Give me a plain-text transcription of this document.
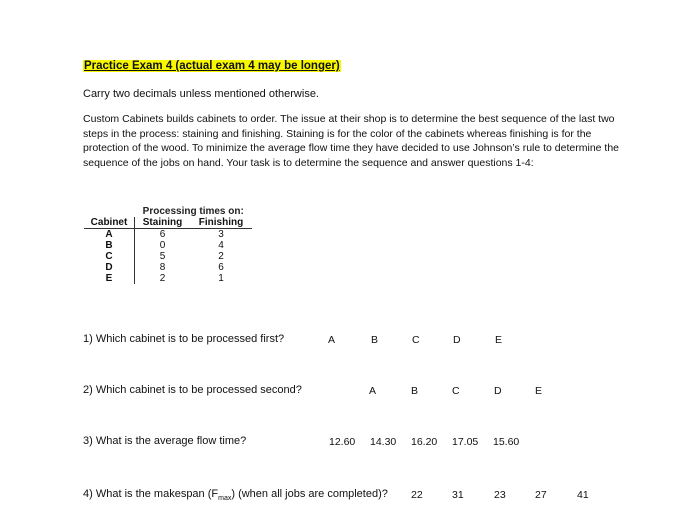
Practice Exam 4 (actual exam 4 may be longer)
Carry two decimals unless mentioned otherwise.

Custom Cabinets builds cabinets to order. The issue at their shop is to determine the best sequence of the last two steps in the process: staining and finishing. Staining is for the color of the cabinets whereas finishing is for the protection of the wood. To minimize the average flow time they have decided to use Johnson’s rule to determine the sequence of the jobs on hand. Your task is to determine the sequence and answer questions 1-4:

	Processing times on:	
Cabinet	Staining	Finishing
A	6	3
B	0	4
C	5	2
D	8	6
E	2	1
1) Which cabinet is to be processed first?	A	B	C	D	E
2) Which cabinet is to be processed second?	A	B	C	D	E
3) What is the average flow time?	12.60 14.30 16.20 17.05 15.60
4) What is the makespan $(F_{max})$ (when all jobs are completed)? 22	31	23	27	41
